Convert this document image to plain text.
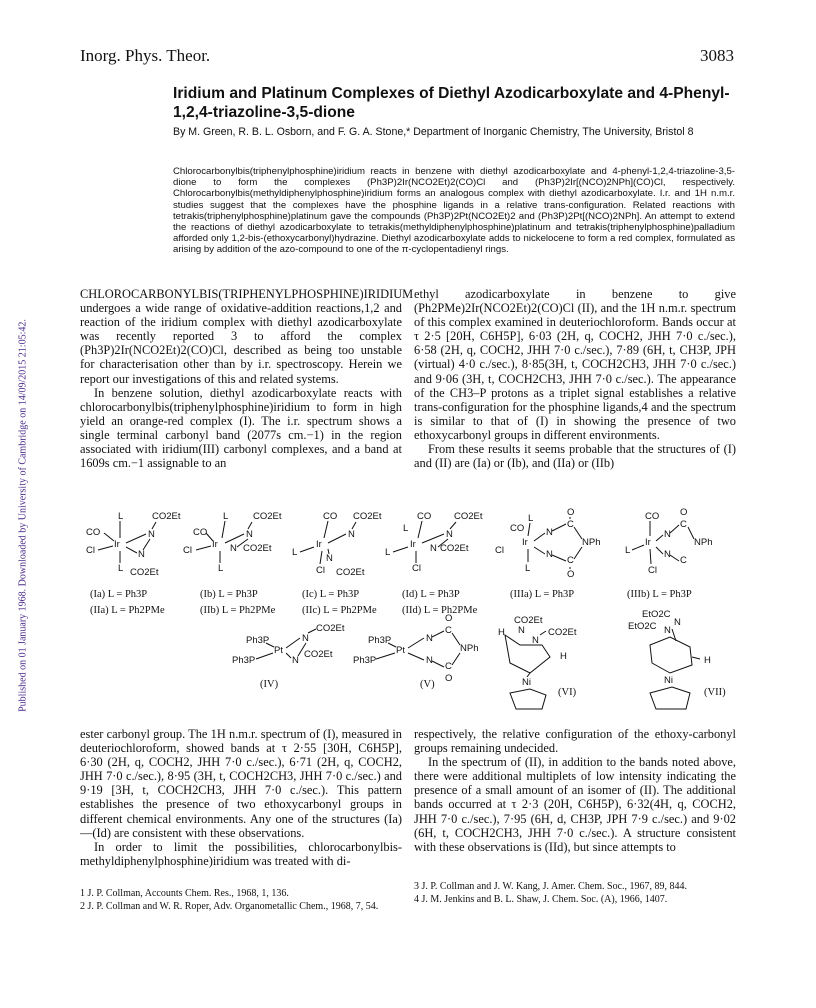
Published on 01 January 1968. Downloaded by University of Cambridge on 14/09/2015 21:05:42.
Inorg. Phys. Theor.	3083
Iridium and Platinum Complexes of Diethyl Azodicarboxylate and 4-Phenyl-1,2,4-triazoline-3,5-dione
By M. Green, R. B. L. Osborn, and F. G. A. Stone,* Department of Inorganic Chemistry, The University, Bristol 8
Chlorocarbonylbis(triphenylphosphine)iridium reacts in benzene with diethyl azodicarboxylate and 4-phenyl-1,2,4-triazoline-3,5-dione to form the complexes (Ph3P)2Ir(NCO2Et)2(CO)Cl and (Ph3P)2Ir[(NCO)2NPh](CO)Cl, respectively. Chlorocarbonylbis(methyldiphenylphosphine)iridium forms an analogous complex with diethyl azodicarboxylate. I.r. and 1H n.m.r. studies suggest that the complexes have the phosphine ligands in a relative trans-configuration. Related reactions with tetrakis(triphenylphosphine)platinum gave the compounds (Ph3P)2Pt(NCO2Et)2 and (Ph3P)2Pt[(NCO)2NPh]. An attempt to extend the reactions of diethyl azodicarboxylate to tetrakis(methyldiphenylphosphine)platinum and tetrakis(triphenylphosphine)palladium afforded only 1,2-bis-(ethoxycarbonyl)hydrazine. Diethyl azodicarboxylate adds to nickelocene to form a red complex, formulated as arising by addition of the azo-compound to one of the π-cyclopentadienyl rings.

CHLOROCARBONYLBIS(TRIPHENYLPHOSPHINE)IRIDIUM undergoes a wide range of oxidative-addition reactions,1,2 and reaction of the iridium complex with diethyl azodicarboxylate was recently reported 3 to afford the complex (Ph3P)2Ir(NCO2Et)2(CO)Cl, described as being too unstable for characterisation other than by i.r. spectroscopy. Herein we report our investigations of this and related systems.

In benzene solution, diethyl azodicarboxylate reacts with chlorocarbonylbis(triphenylphosphine)iridium to form in high yield an orange-red complex (I). The i.r. spectrum shows a single terminal carbonyl band (2077s cm.−1) in the region associated with iridium(III) carbonyl complexes, and a band at 1609s cm.−1 assignable to an

ethyl azodicarboxylate in benzene to give (Ph2PMe)2Ir(NCO2Et)2(CO)Cl (II), and the 1H n.m.r. spectrum of this complex examined in deuteriochloroform. Bands occur at τ 2·5 [20H, C6H5P], 6·03 (2H, q, COCH2, JHH 7·0 c./sec.), 6·58 (2H, q, COCH2, JHH 7·0 c./sec.), 7·89 (6H, t, CH3P, JPH (virtual) 4·0 c./sec.), 8·85(3H, t, COCH2CH3, JHH 7·0 c./sec.) and 9·06 (3H, t, COCH2CH3, JHH 7·0 c./sec.). The appearance of the CH3–P protons as a triplet signal establishes a relative trans-configuration for the phosphine ligands,4 and the spectrum is similar to that of (I) in showing the presence of two ethoxycarbonyl groups in different environments.

From these results it seems probable that the structures of (I) and (II) are (Ia) or (Ib), and (IIa) or (IIb)

L
CO
Cl
Ir
N
N
CO2Et
CO2Et
L
L
CO
Cl
Ir
N
N
CO2Et
CO2Et
L
CO CO2Et
L
Ir
N
N
Cl CO2Et
CO CO2Et
L
Ir
N
N CO2Et
Cl
L	CO
Cl
Ir
L
L
N
N
C
O
C
O
NPh
CO
L
Ir
Cl
N
N
C
C
O
NPh
(Ia) L = Ph3P	(Ib) L = Ph3P	(Ic) L = Ph3P	(Id) L = Ph3P	(IIIa) L = Ph3P	(IIIb) L = Ph3P
(IIa) L = Ph2PMe	(IIb) L = Ph2PMe	(IIc) L = Ph2PMe (IId) L = Ph2PMe
Ph3P
Ph3P
Pt
N
N
CO2Et
CO2Et
(IV)
Ph3P
Ph3P
Pt
N
N
C
O
C
O
NPh
(V)
CO2Et
CO2Et
H
H
N
N
Ni
(VI)
EtO2C
EtO2C N
N
H
Ni
(VII)

ester carbonyl group. The 1H n.m.r. spectrum of (I), measured in deuteriochloroform, showed bands at τ 2·55 [30H, C6H5P], 6·30 (2H, q, COCH2, JHH 7·0 c./sec.), 6·71 (2H, q, COCH2, JHH 7·0 c./sec.), 8·95 (3H, t, COCH2CH3, JHH 7·0 c./sec.) and 9·19 [3H, t, COCH2CH3, JHH 7·0 c./sec.). This pattern establishes the presence of two ethoxycarbonyl groups in different chemical environments. Any one of the structures (Ia)—(Id) are consistent with these observations.

In order to limit the possibilities, chlorocarbonylbis-methyldiphenylphosphine)iridium was treated with di-

respectively, the relative configuration of the ethoxy-carbonyl groups remaining undecided.

In the spectrum of (II), in addition to the bands noted above, there were additional multiplets of low intensity indicating the presence of a small amount of an isomer of (II). The additional bands occurred at τ 2·3 (20H, C6H5P), 6·32(4H, q, COCH2, JHH 7·0 c./sec.), 7·95 (6H, d, CH3P, JPH 7·9 c./sec.) and 9·02 (6H, t, COCH2CH3, JHH 7·0 c./sec.). A structure consistent with these observations is (IId), but since attempts to

1 J. P. Collman, Accounts Chem. Res., 1968, 1, 136.

2 J. P. Collman and W. R. Roper, Adv. Organometallic Chem., 1968, 7, 54.

3 J. P. Collman and J. W. Kang, J. Amer. Chem. Soc., 1967, 89, 844.

4 J. M. Jenkins and B. L. Shaw, J. Chem. Soc. (A), 1966, 1407.
